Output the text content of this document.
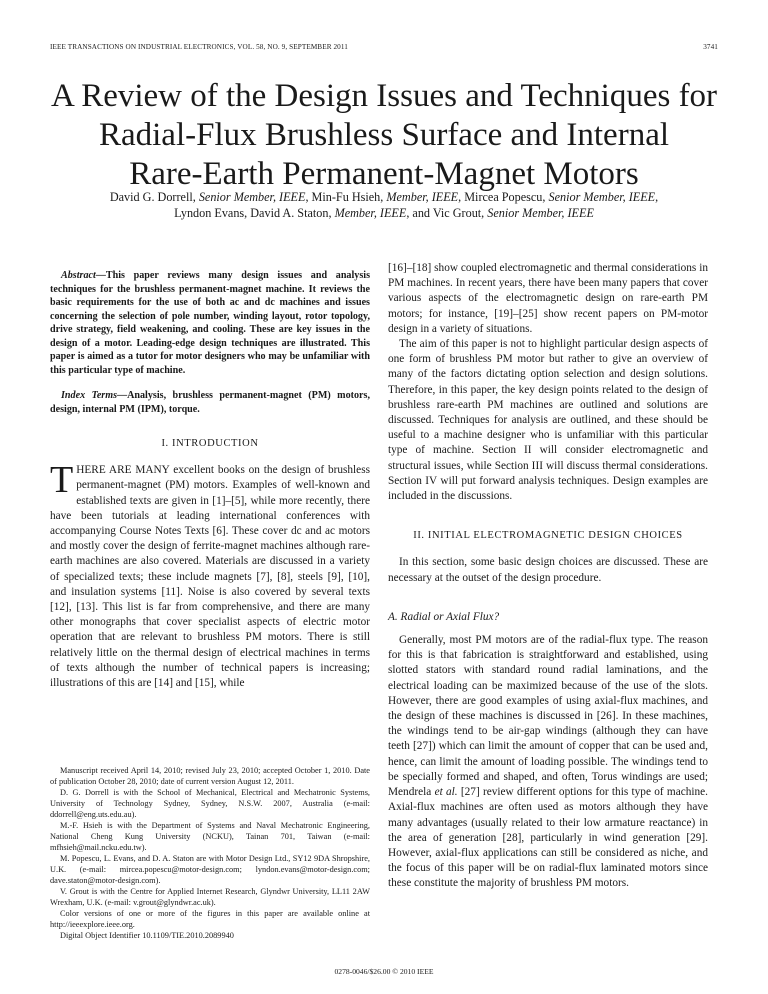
IEEE TRANSACTIONS ON INDUSTRIAL ELECTRONICS, VOL. 58, NO. 9, SEPTEMBER 2011	3741
A Review of the Design Issues and Techniques for
Radial-Flux Brushless Surface and Internal
Rare-Earth Permanent-Magnet Motors
David G. Dorrell, Senior Member, IEEE, Min-Fu Hsieh, Member, IEEE, Mircea Popescu, Senior Member, IEEE,
Lyndon Evans, David A. Staton, Member, IEEE, and Vic Grout, Senior Member, IEEE

Abstract—This paper reviews many design issues and analysis techniques for the brushless permanent-magnet machine. It reviews the basic requirements for the use of both ac and dc machines and issues concerning the selection of pole number, winding layout, rotor topology, drive strategy, field weakening, and cooling. These are key issues in the design of a motor. Leading-edge design techniques are illustrated. This paper is aimed as a tutor for motor designers who may be unfamiliar with this particular type of machine.

Index Terms—Analysis, brushless permanent-magnet (PM) motors, design, internal PM (IPM), torque.

I. INTRODUCTION

THERE ARE MANY excellent books on the design of brushless permanent-magnet (PM) motors. Examples of well-known and established texts are given in [1]–[5], while more recently, there have been tutorials at leading international conferences with accompanying Course Notes Texts [6]. These cover dc and ac motors and mostly cover the design of ferrite-magnet machines although rare-earth machines are also covered. Materials are discussed in a variety of specialized texts; these include magnets [7], [8], steels [9], [10], and insulation systems [11]. Noise is also covered by several texts [12], [13]. This list is far from comprehensive, and there are many other monographs that cover specialist aspects of electric motor operation that are relevant to brushless PM motors. There is still relatively little on the thermal design of electrical machines in terms of texts although the number of technical papers is increasing; illustrations of this are [14] and [15], while

Manuscript received April 14, 2010; revised July 23, 2010; accepted October 1, 2010. Date of publication October 28, 2010; date of current version August 12, 2011.

D. G. Dorrell is with the School of Mechanical, Electrical and Mechatronic Systems, University of Technology Sydney, Sydney, N.S.W. 2007, Australia (e-mail: ddorrell@eng.uts.edu.au).

M.-F. Hsieh is with the Department of Systems and Naval Mechatronic Engineering, National Cheng Kung University (NCKU), Tainan 701, Taiwan (e-mail: mfhsieh@mail.ncku.edu.tw).

M. Popescu, L. Evans, and D. A. Staton are with Motor Design Ltd., SY12 9DA Shropshire, U.K. (e-mail: mircea.popescu@motor-design.com; lyndon.evans@motor-design.com; dave.staton@motor-design.com).

V. Grout is with the Centre for Applied Internet Research, Glyndwr University, LL11 2AW Wrexham, U.K. (e-mail: v.grout@glyndwr.ac.uk).

Color versions of one or more of the figures in this paper are available online at http://ieeexplore.ieee.org.

Digital Object Identifier 10.1109/TIE.2010.2089940

[16]–[18] show coupled electromagnetic and thermal considerations in PM machines. In recent years, there have been many papers that cover various aspects of the electromagnetic design on rare-earth PM motors; for instance, [19]–[25] show recent papers on PM-motor design in a variety of situations.

The aim of this paper is not to highlight particular design aspects of one form of brushless PM motor but rather to give an overview of many of the factors dictating option selection and design solutions. Therefore, in this paper, the key design points related to the design of brushless rare-earth PM machines are outlined and solutions are discussed. Techniques for analysis are outlined, and these should be useful to a machine designer who is unfamiliar with this particular type of machine. Section II will consider electromagnetic and structural issues, while Section III will discuss thermal considerations. Section IV will put forward analysis techniques. Design examples are included in the discussions.

II. INITIAL ELECTROMAGNETIC DESIGN CHOICES

In this section, some basic design choices are discussed. These are necessary at the outset of the design procedure.

A. Radial or Axial Flux?

Generally, most PM motors are of the radial-flux type. The reason for this is that fabrication is straightforward and established, using slotted stators with standard round radial laminations, and the electrical loading can be maximized because of the use of the slots. However, there are good examples of using axial-flux machines, and the design of these machines is discussed in [26]. In these machines, the windings tend to be air-gap windings (although they can have teeth [27]) which can limit the amount of copper that can be used and, hence, can limit the amount of loading possible. The windings tend to be specially formed and shaped, and often, Torus windings are used; Mendrela et al. [27] review different options for this type of machine. Axial-flux machines are often used as motors although they have many advantages (usually related to their low armature reactance) in the area of generation [28], particularly in wind generation [29]. However, axial-flux applications can still be considered as niche, and the focus of this paper will be on radial-flux laminated motors since these constitute the majority of brushless PM motors.

0278-0046/$26.00 © 2010 IEEE
